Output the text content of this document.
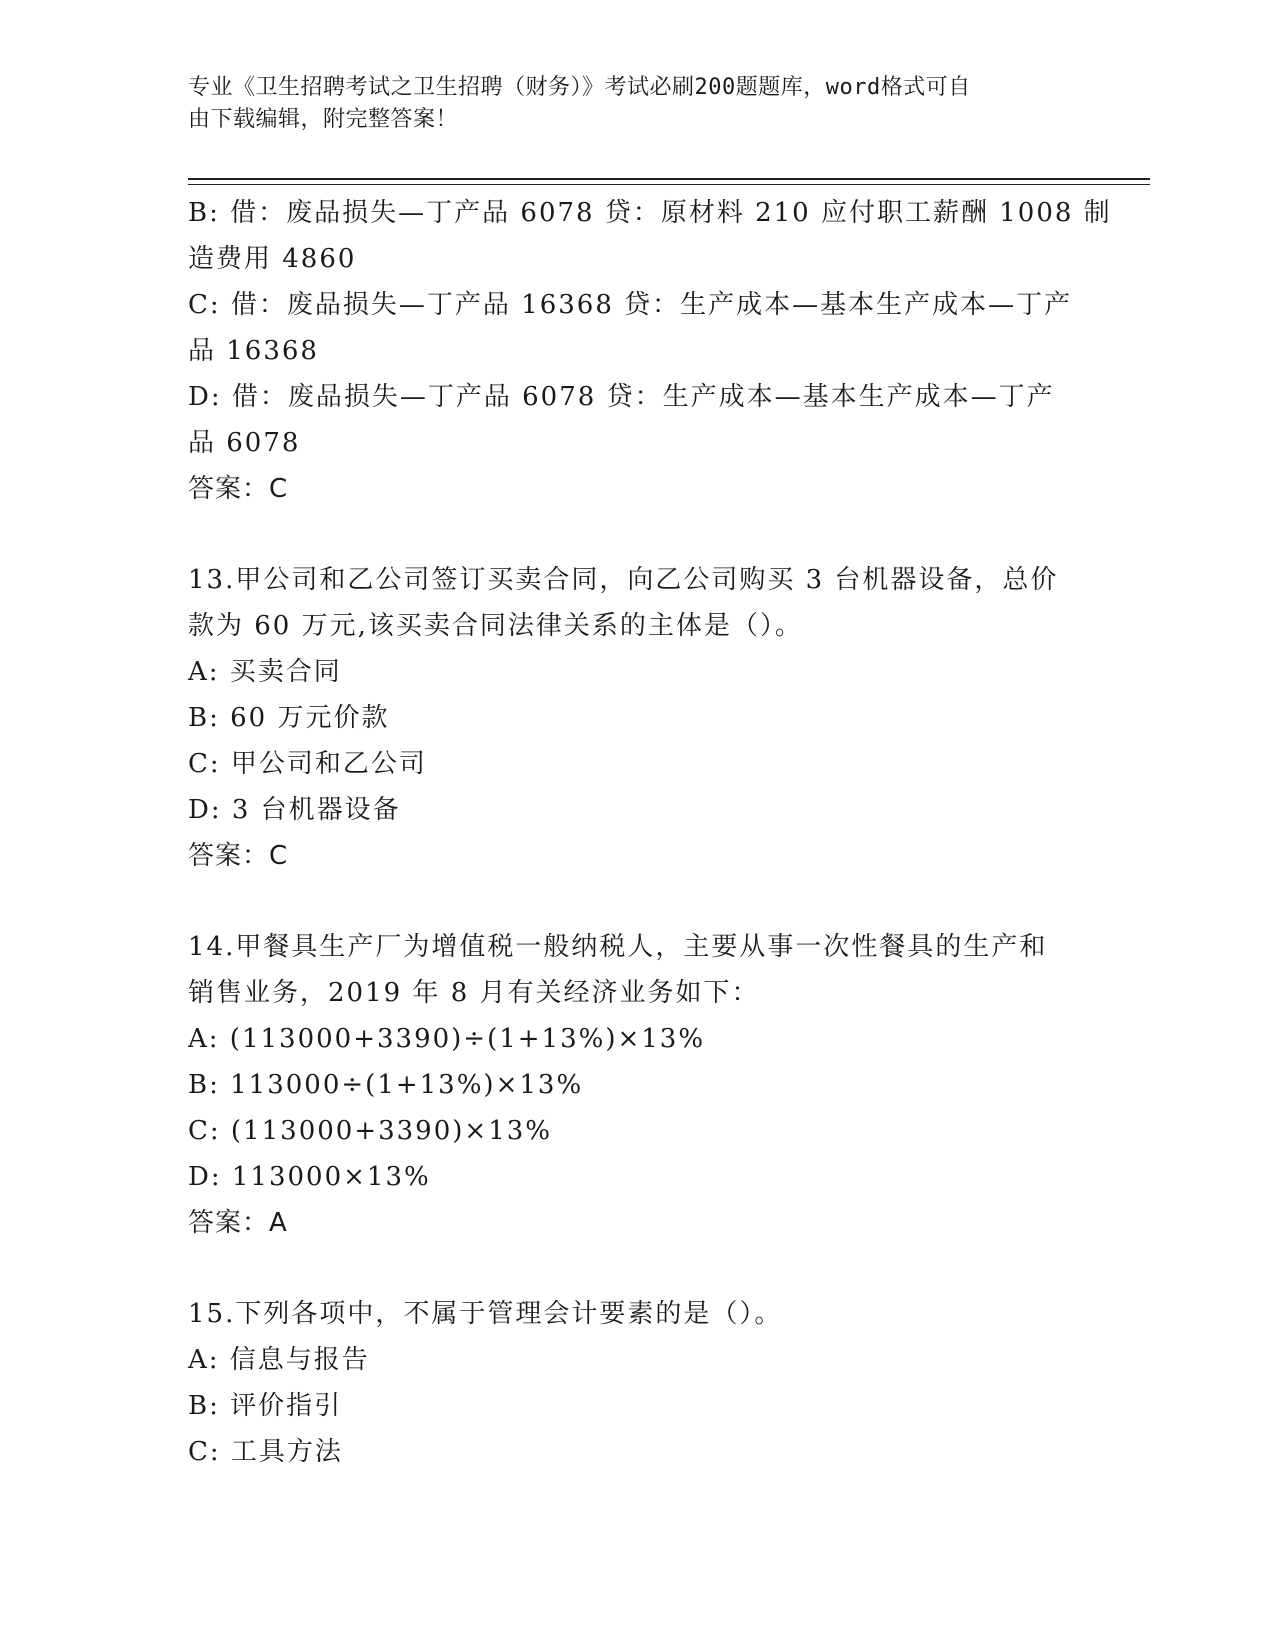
专业《卫生招聘考试之卫生招聘（财务）》考试必刷200题题库，word格式可自
由下载编辑，附完整答案！
B: 借：废品损失—丁产品 6078 贷：原材料 210 应付职工薪酬 1008 制
造费用 4860
C: 借：废品损失—丁产品 16368 贷：生产成本—基本生产成本—丁产
品 16368
D: 借：废品损失—丁产品 6078 贷：生产成本—基本生产成本—丁产
品 6078
答案：C
13.甲公司和乙公司签订买卖合同，向乙公司购买 3 台机器设备，总价
款为 60 万元,该买卖合同法律关系的主体是（）。
A: 买卖合同
B: 60 万元价款
C: 甲公司和乙公司
D: 3 台机器设备
答案：C
14.甲餐具生产厂为增值税一般纳税人，主要从事一次性餐具的生产和
销售业务，2019 年 8 月有关经济业务如下：
A: (113000+3390)÷(1+13%)×13%
B: 113000÷(1+13%)×13%
C: (113000+3390)×13%
D: 113000×13%
答案：A
15.下列各项中，不属于管理会计要素的是（）。
A: 信息与报告
B: 评价指引
C: 工具方法
